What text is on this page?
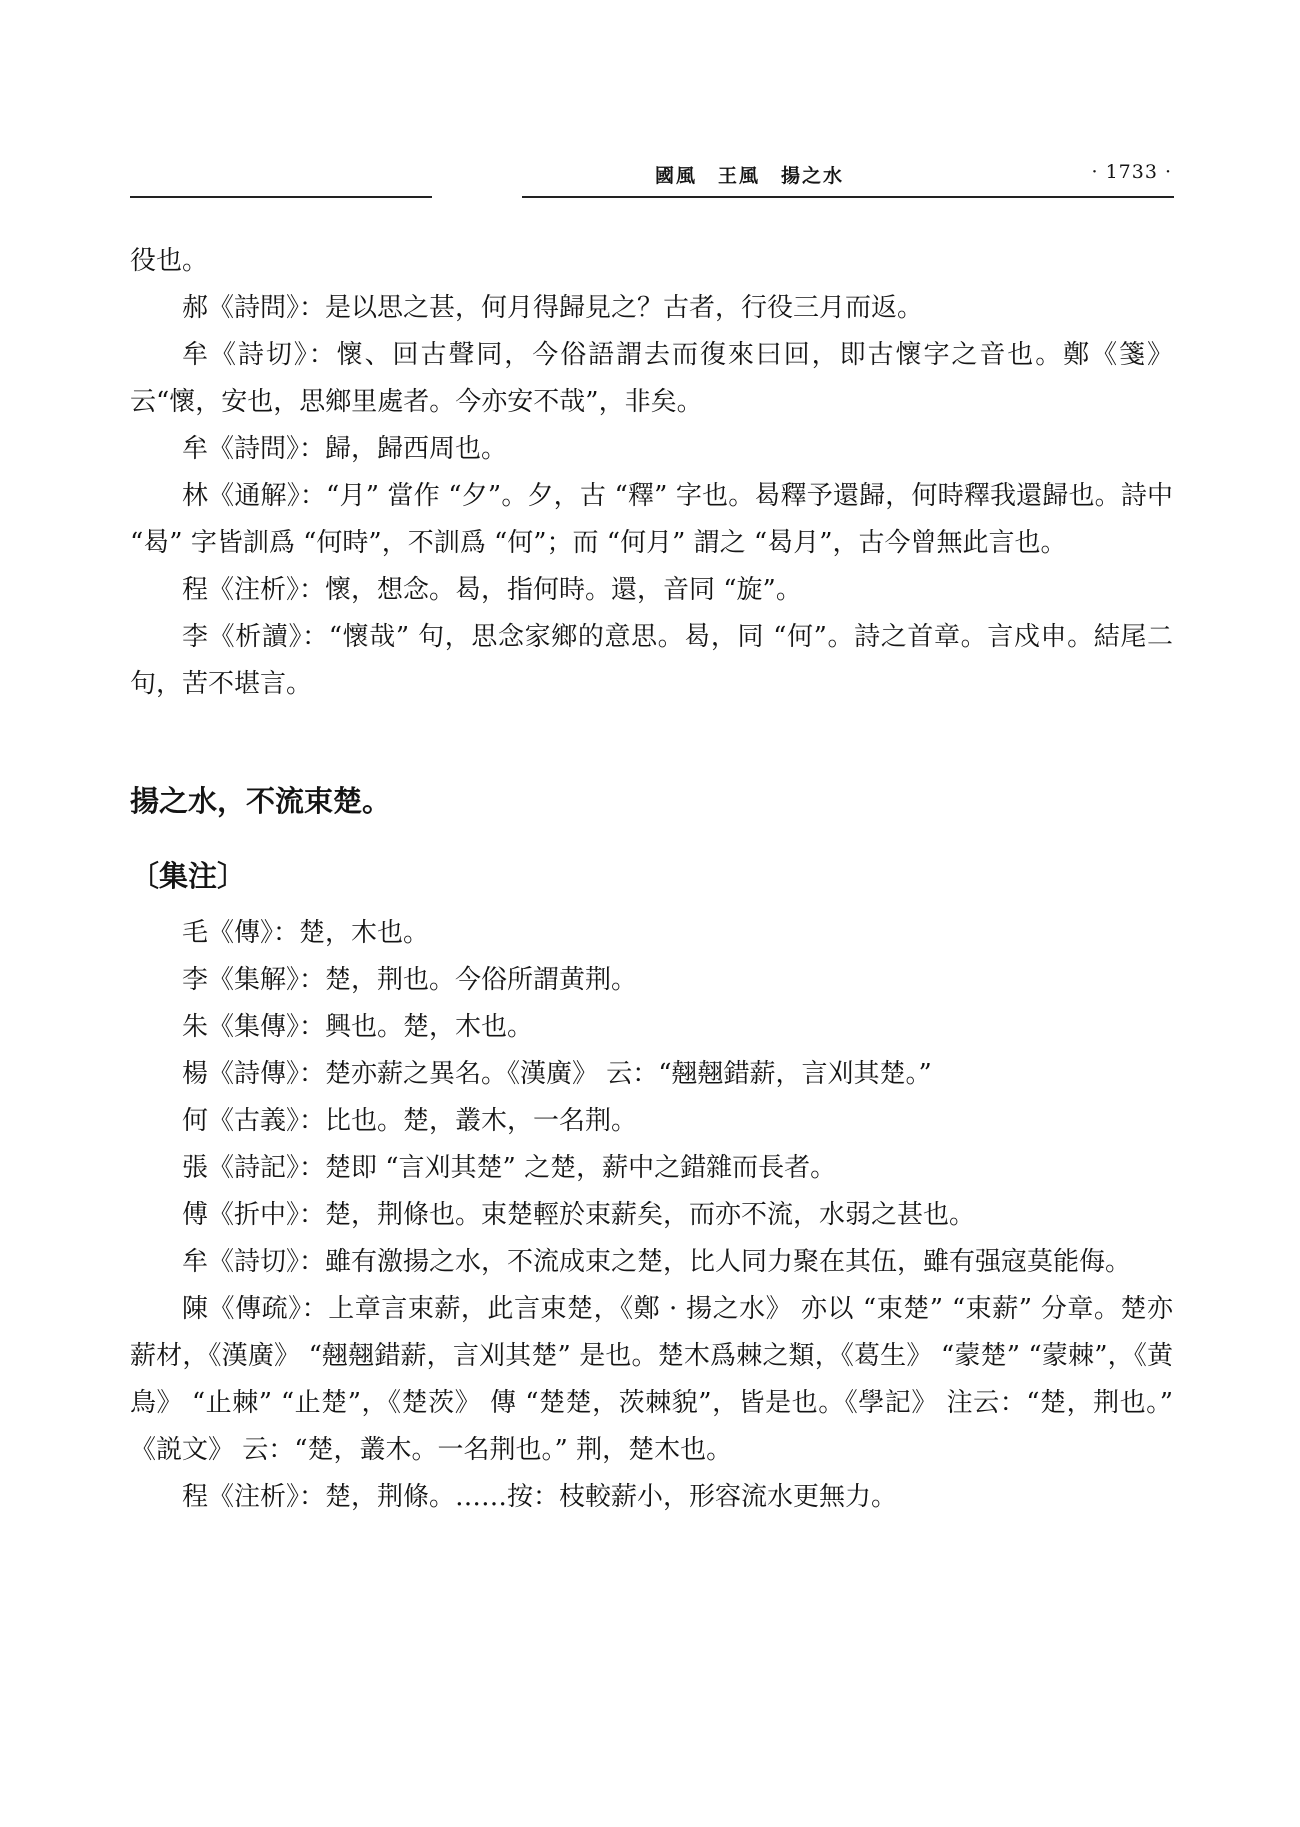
國風　王風　揚之水	· 1733 ·

役也。

郝《詩問》：是以思之甚，何月得歸見之？古者，行役三月而返。

牟《詩切》：懷、回古聲同，今俗語謂去而復來曰回，即古懷字之音也。鄭《箋》云“懷，安也，思鄉里處者。今亦安不哉”，非矣。

牟《詩問》：歸，歸西周也。

林《通解》：“月” 當作 “夕”。夕，古 “釋” 字也。曷釋予還歸，何時釋我還歸也。詩中 “曷” 字皆訓爲 “何時”，不訓爲 “何”；而 “何月” 謂之 “曷月”，古今曾無此言也。

程《注析》：懷，想念。曷，指何時。還，音同 “旋”。

李《析讀》：“懷哉” 句，思念家鄉的意思。曷，同 “何”。詩之首章。言戍申。結尾二句，苦不堪言。

揚之水，不流束楚。
〔集注〕

毛《傳》：楚，木也。

李《集解》：楚，荆也。今俗所謂黄荆。

朱《集傳》：興也。楚，木也。

楊《詩傳》：楚亦薪之異名。《漢廣》 云：“翹翹錯薪，言刈其楚。”

何《古義》：比也。楚，叢木，一名荆。

張《詩記》：楚即 “言刈其楚” 之楚，薪中之錯雜而長者。

傅《折中》：楚，荆條也。束楚輕於束薪矣，而亦不流，水弱之甚也。

牟《詩切》：雖有激揚之水，不流成束之楚，比人同力聚在其伍，雖有强寇莫能侮。

陳《傳疏》：上章言束薪，此言束楚，《鄭 · 揚之水》 亦以 “束楚” “束薪” 分章。楚亦薪材，《漢廣》 “翹翹錯薪，言刈其楚” 是也。楚木爲棘之類，《葛生》 “蒙楚” “蒙棘”，《黄鳥》 “止棘” “止楚”，《楚茨》 傳 “楚楚，茨棘貌”，皆是也。《學記》 注云：“楚，荆也。” 《説文》 云：“楚，叢木。一名荆也。” 荆，楚木也。

程《注析》：楚，荆條。……按：枝較薪小，形容流水更無力。
